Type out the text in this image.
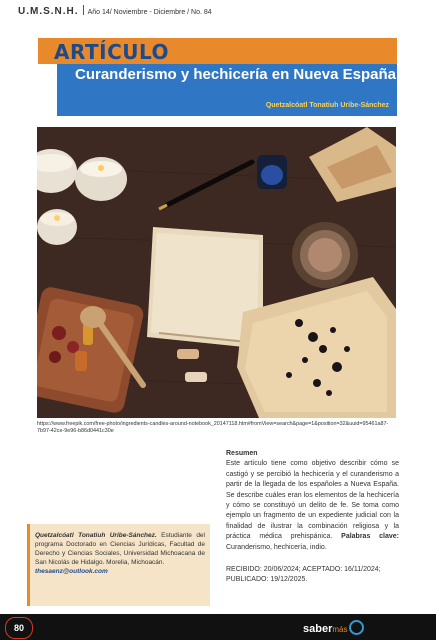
U.M.S.N.H. Año 14/ Noviembre - Diciembre / No. 84
ARTÍCULO
Curanderismo y hechicería en Nueva España
Quetzalcóatl Tonatiuh Uribe-Sánchez
https://www.freepik.com/free-photo/ingredients-candles-around-notebook_20147118.htm#fromView=search&page=1&position=32&uuid=95461a87-7b97-42ce-9e96-b86d0441c30e
Quetzalcóatl Tonatiuh Uribe-Sánchez. Estudiante del programa Doctorado en Ciencias Jurídicas, Facultad de Derecho y Ciencias Sociales, Universidad Michoacana de San Nicolás de Hidalgo. Morelia, Michoacán.
thesaenz@outlook.com
Resumen
Este artículo tiene como objetivo describir cómo se castigó y se percibió la hechicería y el curanderismo a partir de la llegada de los españoles a Nueva España. Se describe cuáles eran los elementos de la hechicería y cómo se constituyó un delito de fe. Se toma como ejemplo un fragmento de un expediente judicial con la finalidad de ilustrar la combinación religiosa y la práctica médica prehispánica. Palabras clave: Curanderismo, hechicería, indio.
RECIBIDO: 20/06/2024; ACEPTADO: 16/11/2024; PUBLICADO: 19/12/2025.
80	sabermás
